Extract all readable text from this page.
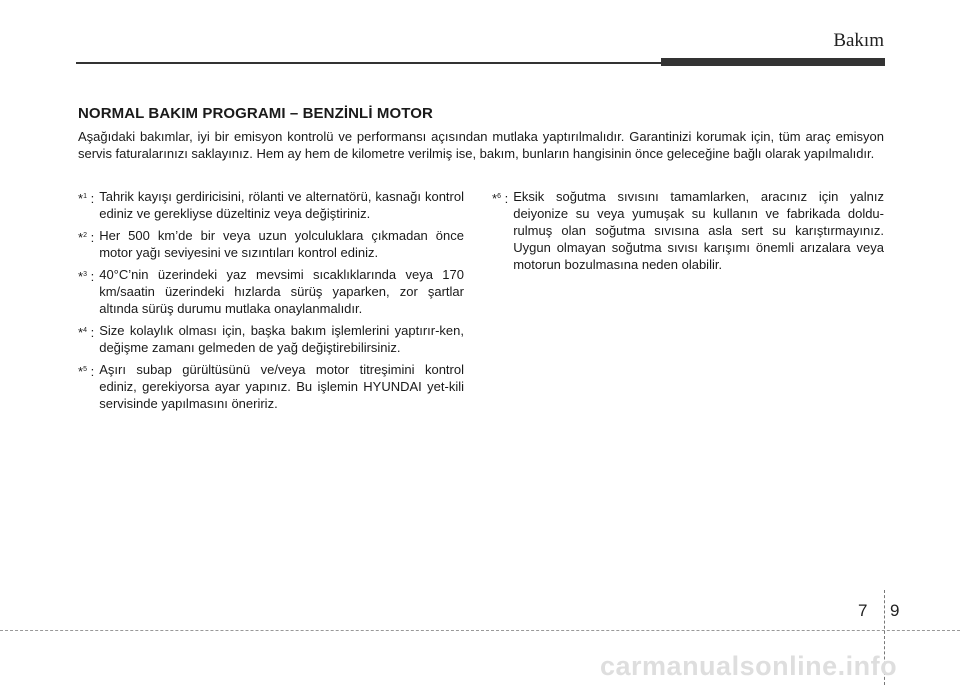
Bakım
NORMAL BAKIM PROGRAMI – BENZİNLİ MOTOR
Aşağıdaki bakımlar, iyi bir emisyon kontrolü ve performansı açısından mutlaka yaptırılmalıdır. Garantinizi korumak için, tüm araç emisyon servis faturalarınızı saklayınız. Hem ay hem de kilometre verilmiş ise, bakım, bunların hangisinin önce geleceğine bağlı olarak yapılmalıdır.
*$^1$ : Tahrik kayışı gerdiricisini, rölanti ve alternatörü, kasnağı kontrol ediniz ve gerekliyse düzeltiniz veya değiştiriniz.
*$^2$ : Her 500 km’de bir veya uzun yolculuklara çıkmadan önce motor yağı seviyesini ve sızıntıları kontrol ediniz.
*$^3$ : 40°C’nin üzerindeki yaz mevsimi sıcaklıklarında veya 170 km/saatin üzerindeki hızlarda sürüş yaparken, zor şartlar altında sürüş durumu mutlaka onaylanmalıdır.
*$^4$ : Size kolaylık olması için, başka bakım işlemlerini yaptırır-ken, değişme zamanı gelmeden de yağ değiştirebilirsiniz.
*$^5$ : Aşırı subap gürültüsünü ve/veya motor titreşimini kontrol ediniz, gerekiyorsa ayar yapınız. Bu işlemin HYUNDAI yet-kili servisinde yapılmasını öneririz.
*$^6$ : Eksik soğutma sıvısını tamamlarken, aracınız için yalnız deiyonize su veya yumuşak su kullanın ve fabrikada doldu-rulmuş olan soğutma sıvısına asla sert su karıştırmayınız. Uygun olmayan soğutma sıvısı karışımı önemli arızalara veya motorun bozulmasına neden olabilir.
7 9
carmanualsonline.info
